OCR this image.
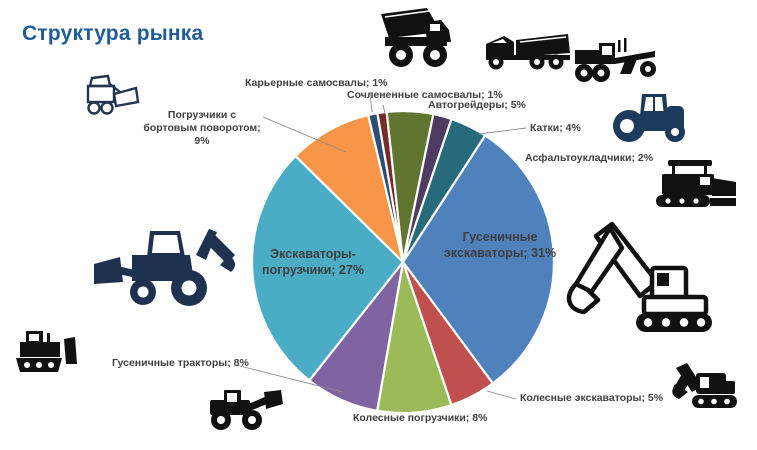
Структура рынка
Карьерные самосвалы; 1%
Сочлененные самосвалы; 1%
Автогрейдеры; 5%
Катки; 4%
Асфальтоукладчики; 2%
Колесные экскаваторы; 5%
Колесные погрузчики; 8%
Гусеничные тракторы; 8%
Погрузчики с бортовым поворотом; 9%
Гусеничные экскаваторы; 31%
Экскаваторы-погрузчики; 27%
